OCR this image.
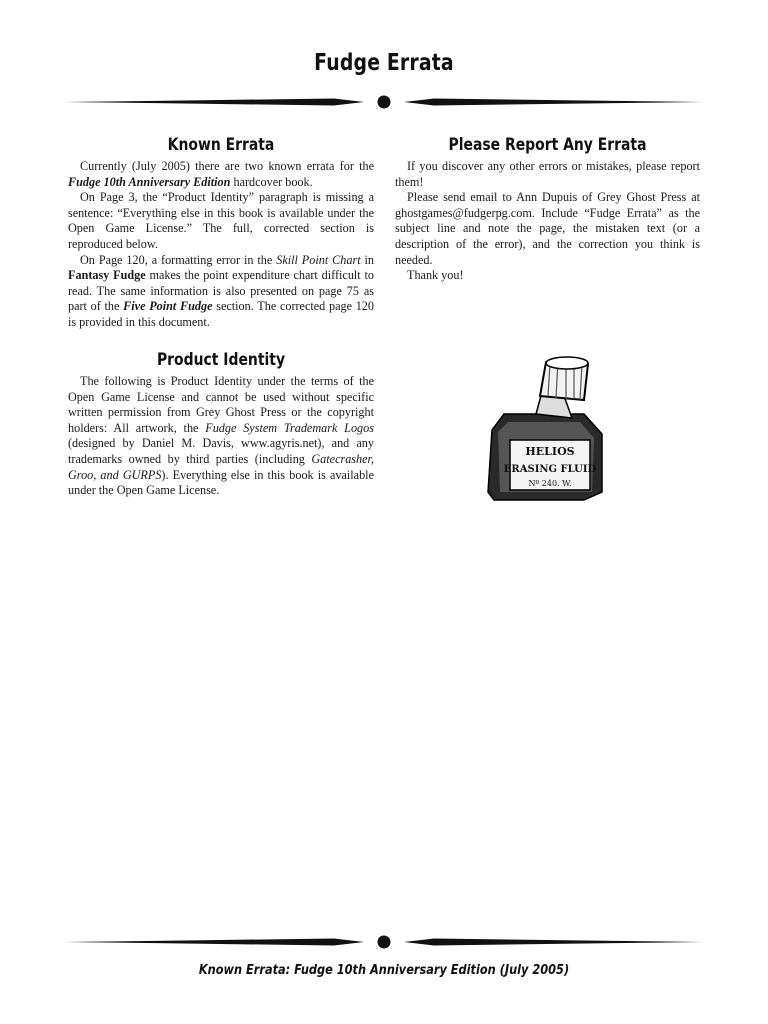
Fudge Errata
Known Errata

Currently (July 2005) there are two known errata for the Fudge 10th Anniversary Edition hardcover book.

On Page 3, the “Product Identity” paragraph is missing a sentence: “Everything else in this book is available under the Open Game License.” The full, corrected section is reproduced below.

On Page 120, a formatting error in the Skill Point Chart in Fantasy Fudge makes the point expenditure chart difficult to read. The same information is also presented on page 75 as part of the Five Point Fudge section. The corrected page 120 is provided in this document.

Product Identity

The following is Product Identity under the terms of the Open Game License and cannot be used without specific written permission from Grey Ghost Press or the copyright holders: All artwork, the Fudge System Trademark Logos (designed by Daniel M. Davis, www.agyris.net), and any trademarks owned by third parties (including Gatecrasher, Groo, and GURPS). Everything else in this book is available under the Open Game License.

Please Report Any Errata

If you discover any other errors or mistakes, please report them!

Please send email to Ann Dupuis of Grey Ghost Press at ghostgames@fudgerpg.com. Include “Fudge Errata” as the subject line and note the page, the mistaken text (or a description of the error), and the correction you think is needed.

Thank you!

HELIOS
ERASING FLUID
Nº 240. W.
Known Errata: Fudge 10th Anniversary Edition (July 2005)
